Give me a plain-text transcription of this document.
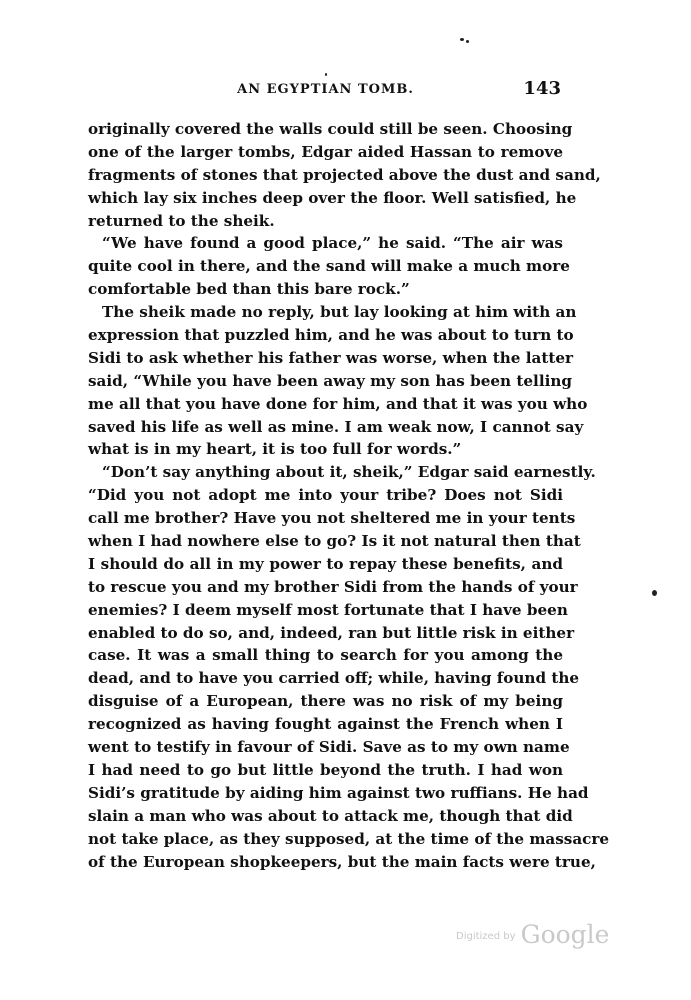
AN EGYPTIAN TOMB.	143
originally covered the walls could still be seen. Choosing
one of the larger tombs, Edgar aided Hassan to remove
fragments of stones that projected above the dust and sand,
which lay six inches deep over the floor. Well satisfied, he
returned to the sheik.
“We have found a good place,” he said. “The air was
quite cool in there, and the sand will make a much more
comfortable bed than this bare rock.”
The sheik made no reply, but lay looking at him with an
expression that puzzled him, and he was about to turn to
Sidi to ask whether his father was worse, when the latter
said, “While you have been away my son has been telling
me all that you have done for him, and that it was you who
saved his life as well as mine. I am weak now, I cannot say
what is in my heart, it is too full for words.”
“Don’t say anything about it, sheik,” Edgar said earnestly.
“Did you not adopt me into your tribe? Does not Sidi
call me brother? Have you not sheltered me in your tents
when I had nowhere else to go? Is it not natural then that
I should do all in my power to repay these benefits, and
to rescue you and my brother Sidi from the hands of your
enemies? I deem myself most fortunate that I have been
enabled to do so, and, indeed, ran but little risk in either
case. It was a small thing to search for you among the
dead, and to have you carried off; while, having found the
disguise of a European, there was no risk of my being
recognized as having fought against the French when I
went to testify in favour of Sidi. Save as to my own name
I had need to go but little beyond the truth. I had won
Sidi’s gratitude by aiding him against two ruffians. He had
slain a man who was about to attack me, though that did
not take place, as they supposed, at the time of the massacre
of the European shopkeepers, but the main facts were true,
$^{Digitized by}$ Google
